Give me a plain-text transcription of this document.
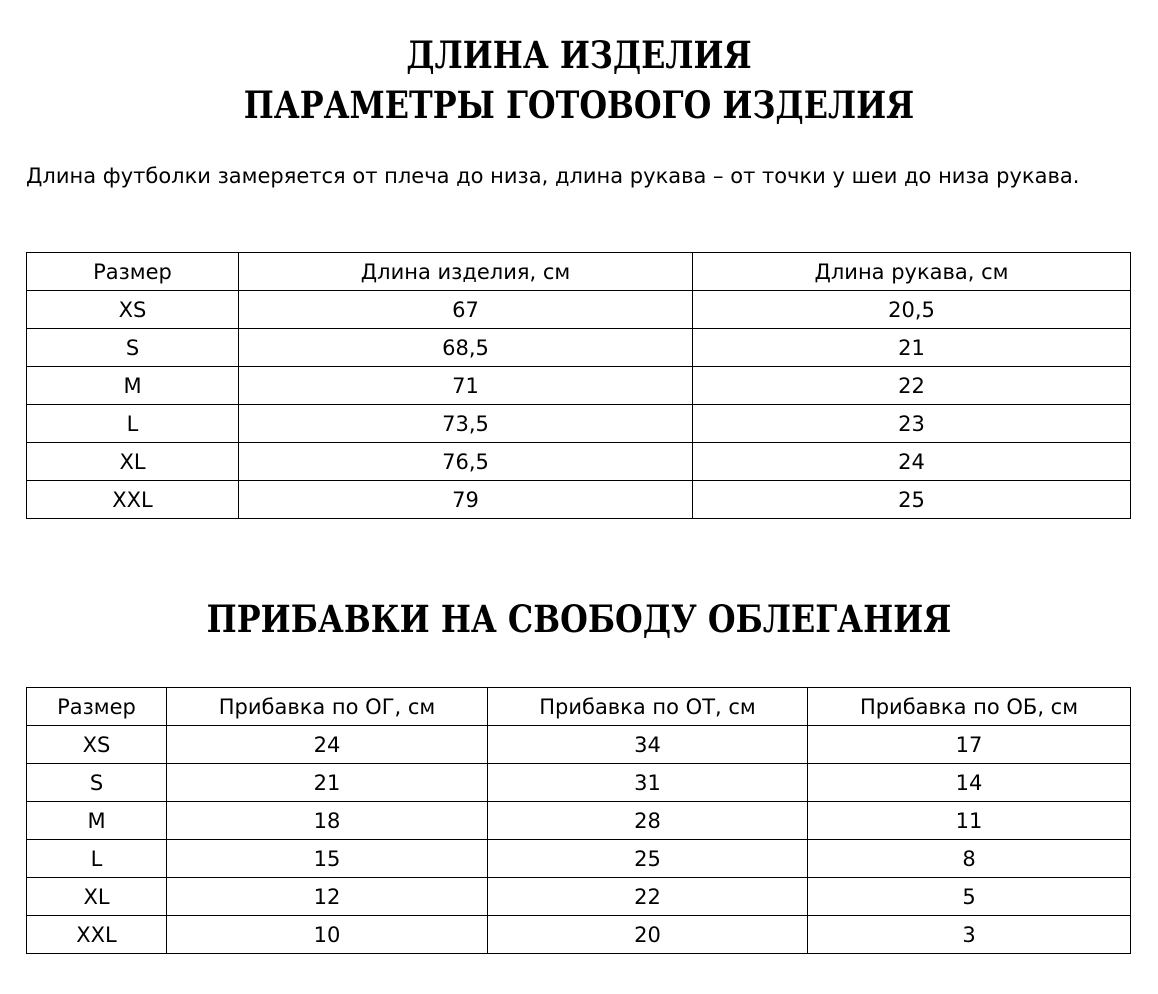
ДЛИНА ИЗДЕЛИЯ
ПАРАМЕТРЫ ГОТОВОГО ИЗДЕЛИЯ

Длина футболки замеряется от плеча до низа, длина рукава – от точки у шеи до низа рукава.

Размер	Длина изделия, см	Длина рукава, см
XS	67	20,5
S	68,5	21
M	71	22
L	73,5	23
XL	76,5	24
XXL	79	25
ПРИБАВКИ НА СВОБОДУ ОБЛЕГАНИЯ
Размер	Прибавка по ОГ, см	Прибавка по ОТ, см	Прибавка по ОБ, см
XS	24	34	17
S	21	31	14
M	18	28	11
L	15	25	8
XL	12	22	5
XXL	10	20	3
